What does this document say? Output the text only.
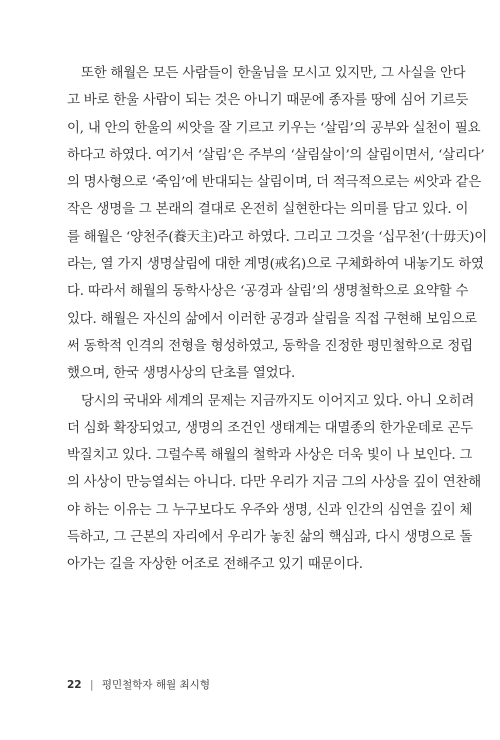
또한 해월은 모든 사람들이 한울님을 모시고 있지만, 그 사실을 안다
고 바로 한울 사람이 되는 것은 아니기 때문에 종자를 땅에 심어 기르듯
이, 내 안의 한울의 씨앗을 잘 기르고 키우는 ‘살림’의 공부와 실천이 필요
하다고 하였다. 여기서 ‘살림’은 주부의 ‘살림살이’의 살림이면서, ‘살리다’
의 명사형으로 ‘죽임’에 반대되는 살림이며, 더 적극적으로는 씨앗과 같은
작은 생명을 그 본래의 결대로 온전히 실현한다는 의미를 담고 있다. 이
를 해월은 ‘양천주(養天主)라고 하였다. 그리고 그것을 ‘십무천’(十毋天)이
라는, 열 가지 생명살림에 대한 계명(戒名)으로 구체화하여 내놓기도 하였
다. 따라서 해월의 동학사상은 ‘공경과 살림’의 생명철학으로 요약할 수
있다. 해월은 자신의 삶에서 이러한 공경과 살림을 직접 구현해 보임으로
써 동학적 인격의 전형을 형성하였고, 동학을 진정한 평민철학으로 정립
했으며, 한국 생명사상의 단초를 열었다.
당시의 국내와 세계의 문제는 지금까지도 이어지고 있다. 아니 오히려
더 심화 확장되었고, 생명의 조건인 생태계는 대멸종의 한가운데로 곤두
박질치고 있다. 그럴수록 해월의 철학과 사상은 더욱 빛이 나 보인다. 그
의 사상이 만능열쇠는 아니다. 다만 우리가 지금 그의 사상을 깊이 연찬해
야 하는 이유는 그 누구보다도 우주와 생명, 신과 인간의 심연을 깊이 체
득하고, 그 근본의 자리에서 우리가 놓친 삶의 핵심과, 다시 생명으로 돌
아가는 길을 자상한 어조로 전해주고 있기 때문이다.
22 | 평민철학자 해월 최시형
